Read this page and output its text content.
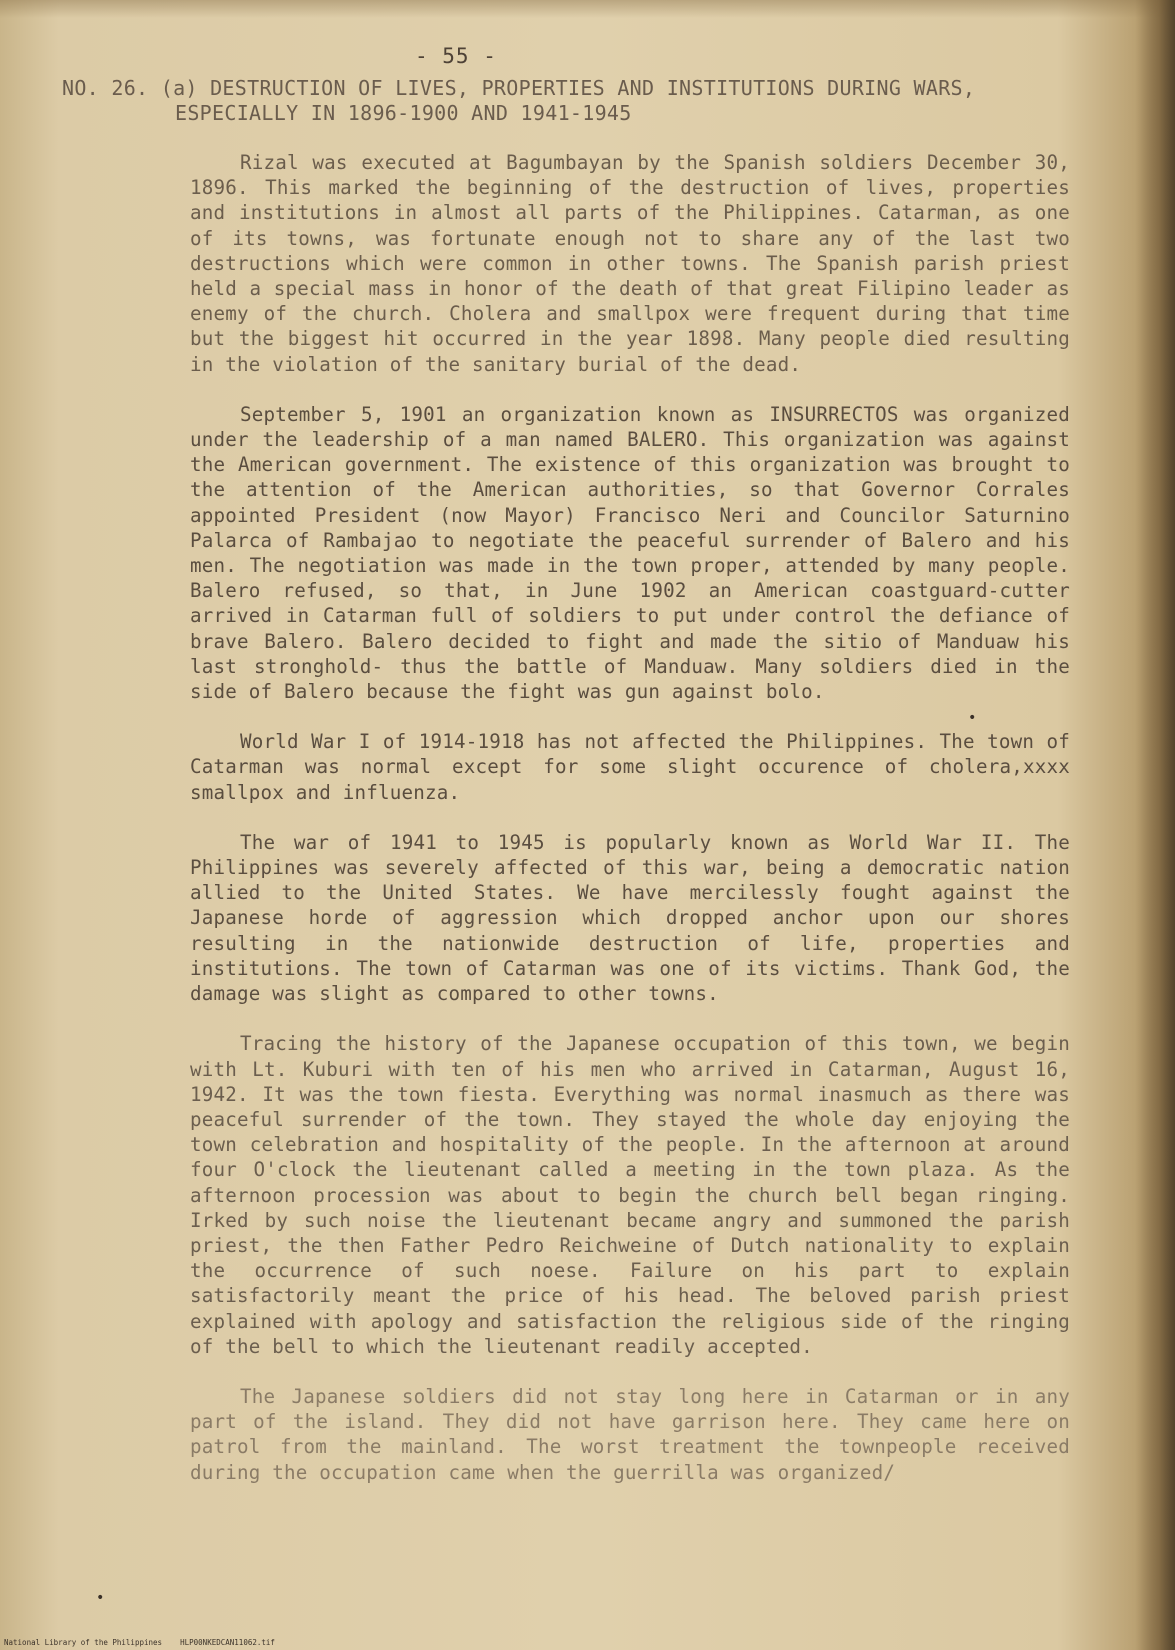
- 55 -
NO. 26. (a) DESTRUCTION OF LIVES, PROPERTIES AND INSTITUTIONS DURING WARS,
ESPECIALLY IN 1896-1900 AND 1941-1945

Rizal was executed at Bagumbayan by the Spanish soldiers December 30, 1896. This marked the beginning of the destruction of lives, properties and institutions in almost all parts of the Philippines. Catarman, as one of its towns, was fortunate enough not to share any of the last two destructions which were common in other towns. The Spanish parish priest held a special mass in honor of the death of that great Filipino leader as enemy of the church. Cholera and smallpox were frequent during that time but the biggest hit occurred in the year 1898. Many people died resulting in the violation of the sanitary burial of the dead.

September 5, 1901 an organization known as INSURRECTOS was organized under the leadership of a man named BALERO. This organization was against the American government. The existence of this organization was brought to the attention of the American authorities, so that Governor Corrales appointed President (now Mayor) Francisco Neri and Councilor Saturnino Palarca of Rambajao to negotiate the peaceful surrender of Balero and his men. The negotiation was made in the town proper, attended by many people. Balero refused, so that, in June 1902 an American coastguard-cutter arrived in Catarman full of soldiers to put under control the defiance of brave Balero. Balero decided to fight and made the sitio of Manduaw his last stronghold- thus the battle of Manduaw. Many soldiers died in the side of Balero because the fight was gun against bolo.

World War I of 1914-1918 has not affected the Philippines. The town of Catarman was normal except for some slight occurence of cholera,xxxx smallpox and influenza.

The war of 1941 to 1945 is popularly known as World War II. The Philippines was severely affected of this war, being a democratic nation allied to the United States. We have mercilessly fought against the Japanese horde of aggression which dropped anchor upon our shores resulting in the nationwide destruction of life, properties and institutions. The town of Catarman was one of its victims. Thank God, the damage was slight as compared to other towns.

Tracing the history of the Japanese occupation of this town, we begin with Lt. Kuburi with ten of his men who arrived in Catarman, August 16, 1942. It was the town fiesta. Everything was normal inasmuch as there was peaceful surrender of the town. They stayed the whole day enjoying the town celebration and hospitality of the people. In the afternoon at around four O'clock the lieutenant called a meeting in the town plaza. As the afternoon procession was about to begin the church bell began ringing. Irked by such noise the lieutenant became angry and summoned the parish priest, the then Father Pedro Reichweine of Dutch nationality to explain the occurrence of such noese. Failure on his part to explain satisfactorily meant the price of his head. The beloved parish priest explained with apology and satisfaction the religious side of the ringing of the bell to which the lieutenant readily accepted.

The Japanese soldiers did not stay long here in Catarman or in any part of the island. They did not have garrison here. They came here on patrol from the mainland. The worst treatment the townpeople received during the occupation came when the guerrilla was organized/

•
•
National Library of the Philippines    HLP00NKEDCAN11062.tif
